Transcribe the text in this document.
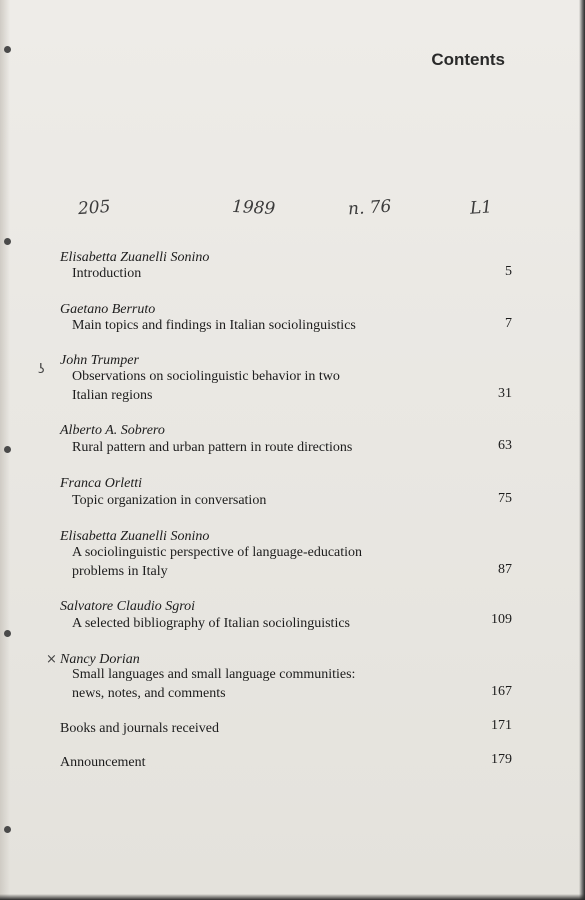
Contents
205	1989	n. 76	L1
Elisabetta Zuanelli Sonino
Introduction	5
Gaetano Berruto
Main topics and findings in Italian sociolinguistics	7
ʖ
John Trumper
Observations on sociolinguistic behavior in two
Italian regions	31
Alberto A. Sobrero
Rural pattern and urban pattern in route directions	63
Franca Orletti
Topic organization in conversation	75
Elisabetta Zuanelli Sonino
A sociolinguistic perspective of language-education
problems in Italy	87
Salvatore Claudio Sgroi
A selected bibliography of Italian sociolinguistics	109
× Nancy Dorian
Small languages and small language communities:
news, notes, and comments	167
Books and journals received	171
Announcement	179
